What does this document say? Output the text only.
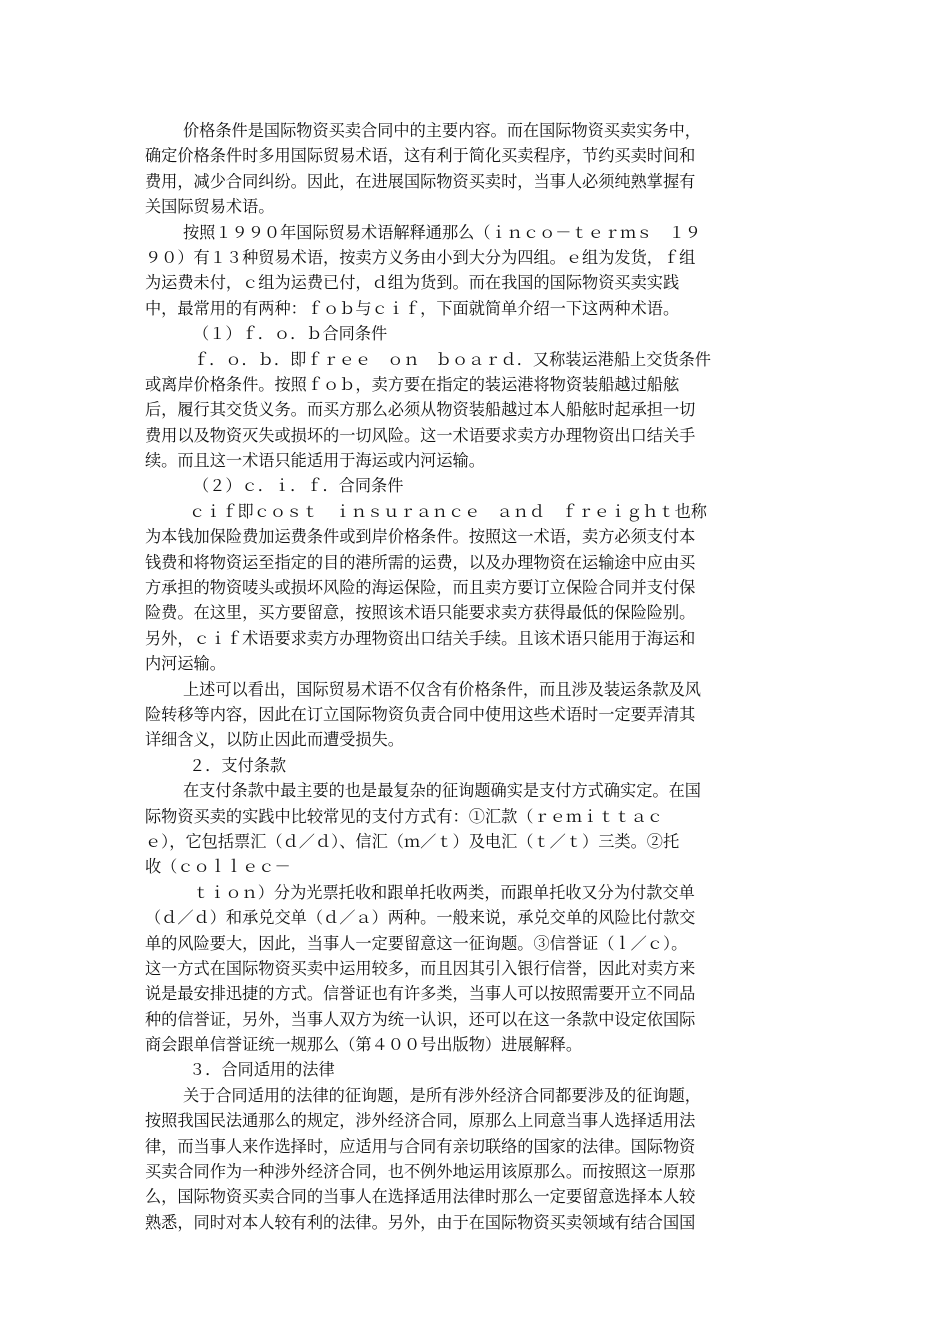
价格条件是国际物资买卖合同中的主要内容。而在国际物资买卖实务中，
确定价格条件时多用国际贸易术语，这有利于简化买卖程序，节约买卖时间和
费用，减少合同纠纷。因此，在进展国际物资买卖时，当事人必须纯熟掌握有
关国际贸易术语。
按照１９９０年国际贸易术语解释通那么（ｉｎｃｏ－ｔｅｒｍｓ　１９
９０）有１３种贸易术语，按卖方义务由小到大分为四组。ｅ组为发货，ｆ组
为运费未付，ｃ组为运费已付，ｄ组为货到。而在我国的国际物资买卖实践
中，最常用的有两种：ｆｏｂ与ｃｉｆ，下面就简单介绍一下这两种术语。
（１）ｆ．ｏ．ｂ合同条件
ｆ．ｏ．ｂ．即ｆｒｅｅ　ｏｎ　ｂｏａｒｄ．又称装运港船上交货条件
或离岸价格条件。按照ｆｏｂ，卖方要在指定的装运港将物资装船越过船舷
后，履行其交货义务。而买方那么必须从物资装船越过本人船舷时起承担一切
费用以及物资灭失或损坏的一切风险。这一术语要求卖方办理物资出口结关手
续。而且这一术语只能适用于海运或内河运输。
（２）ｃ．ｉ．ｆ．合同条件
ｃｉｆ即ｃｏｓｔ　ｉｎｓｕｒａｎｃｅ　ａｎｄ　ｆｒｅｉｇｈｔ也称
为本钱加保险费加运费条件或到岸价格条件。按照这一术语，卖方必须支付本
钱费和将物资运至指定的目的港所需的运费，以及办理物资在运输途中应由买
方承担的物资唛头或损坏风险的海运保险，而且卖方要订立保险合同并支付保
险费。在这里，买方要留意，按照该术语只能要求卖方获得最低的保险险别。
另外，ｃｉｆ术语要求卖方办理物资出口结关手续。且该术语只能用于海运和
内河运输。
上述可以看出，国际贸易术语不仅含有价格条件，而且涉及装运条款及风
险转移等内容，因此在订立国际物资负责合同中使用这些术语时一定要弄清其
详细含义，以防止因此而遭受损失。
２．支付条款
在支付条款中最主要的也是最复杂的征询题确实是支付方式确实定。在国
际物资买卖的实践中比较常见的支付方式有：①汇款（ｒｅｍｉｔｔａｃ
ｅ），它包括票汇（ｄ／ｄ）、信汇（ｍ／ｔ）及电汇（ｔ／ｔ）三类。②托
收（ｃｏｌｌｅｃ－
ｔｉｏｎ）分为光票托收和跟单托收两类，而跟单托收又分为付款交单
（ｄ／ｄ）和承兑交单（ｄ／ａ）两种。一般来说，承兑交单的风险比付款交
单的风险要大，因此，当事人一定要留意这一征询题。③信誉证（ｌ／ｃ）。
这一方式在国际物资买卖中运用较多，而且因其引入银行信誉，因此对卖方来
说是最安排迅捷的方式。信誉证也有许多类，当事人可以按照需要开立不同品
种的信誉证，另外，当事人双方为统一认识，还可以在这一条款中设定依国际
商会跟单信誉证统一规那么（第４００号出版物）进展解释。
３．合同适用的法律
关于合同适用的法律的征询题，是所有涉外经济合同都要涉及的征询题，
按照我国民法通那么的规定，涉外经济合同，原那么上同意当事人选择适用法
律，而当事人来作选择时，应适用与合同有亲切联络的国家的法律。国际物资
买卖合同作为一种涉外经济合同，也不例外地运用该原那么。而按照这一原那
么，国际物资买卖合同的当事人在选择适用法律时那么一定要留意选择本人较
熟悉，同时对本人较有利的法律。另外，由于在国际物资买卖领域有结合国国
